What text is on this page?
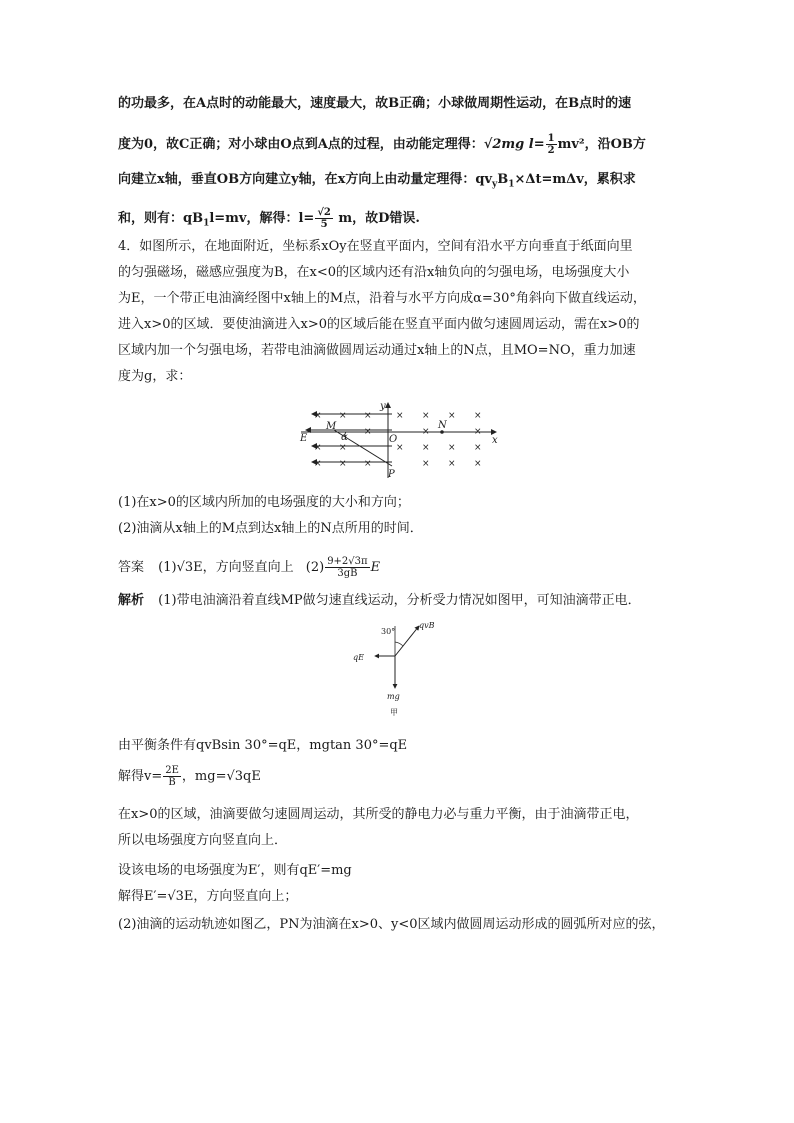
的功最多，在A点时的动能最大，速度最大，故B正确；小球做周期性运动，在B点时的速
度为0，故C正确；对小球由O点到A点的过程，由动能定理得：√2mg $l= \frac{1}{2} mv^2$，沿OB方
向建立x轴，垂直OB方向建立y轴，在x方向上由动量定理得：$qv_yB_1\times\Delta t=m\Delta v$，累积求
和，则有：$qB_1l=mv$，解得：$l= \frac{√2}{5}$ m，故D错误.
4．如图所示，在地面附近，坐标系xOy在竖直平面内，空间有沿水平方向垂直于纸面向里
的匀强磁场，磁感应强度为B，在x<0的区域内还有沿x轴负向的匀强电场，电场强度大小
为E，一个带正电油滴经图中x轴上的M点，沿着与水平方向成α=30°角斜向下做直线运动，
进入x>0的区域．要使油滴进入x>0的区域后能在竖直平面内做匀速圆周运动，需在x>0的
区域内加一个匀强电场，若带电油滴做圆周运动通过x轴上的N点，且MO=NO，重力加速
度为g，求：
× × ×	× × × ×
×	×	×
× ×	× × × ×
× × ×	× × ×
y
x
E
M
α	O
N
P
(1)在x>0的区域内所加的电场强度的大小和方向；
(2)油滴从x轴上的M点到达x轴上的N点所用的时间．
答案 (1)√3E，方向竖直向上 $(2) \frac{9+2√3\pi}{3gB}$ E
解析 (1)带电油滴沿着直线MP做匀速直线运动，分析受力情况如图甲，可知油滴带正电．
30°
qvB
qE
mg
甲
由平衡条件有qvBsin 30°=qE，mgtan 30°=qE
解得$v= \frac{2E}{B}$ ，mg=√3qE
在x>0的区域，油滴要做匀速圆周运动，其所受的静电力必与重力平衡，由于油滴带正电，
所以电场强度方向竖直向上．
设该电场的电场强度为E′，则有qE′=mg
解得E′=√3E，方向竖直向上；
(2)油滴的运动轨迹如图乙，PN为油滴在x>0、y<0区域内做圆周运动形成的圆弧所对应的弦，
